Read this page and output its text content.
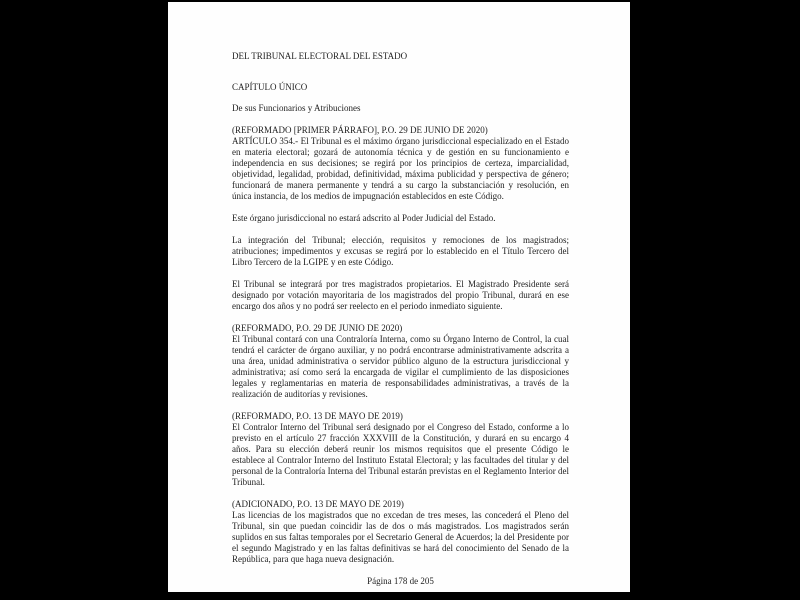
DEL TRIBUNAL ELECTORAL DEL ESTADO
CAPÍTULO ÚNICO
De sus Funcionarios y Atribuciones
(REFORMADO [PRIMER PÁRRAFO], P.O. 29 DE JUNIO DE 2020)
ARTÍCULO 354.- El Tribunal es el máximo órgano jurisdiccional especializado en el Estado en materia electoral; gozará de autonomía técnica y de gestión en su funcionamiento e independencia en sus decisiones; se regirá por los principios de certeza, imparcialidad, objetividad, legalidad, probidad, definitividad, máxima publicidad y perspectiva de género; funcionará de manera permanente y tendrá a su cargo la substanciación y resolución, en única instancia, de los medios de impugnación establecidos en este Código.
Este órgano jurisdiccional no estará adscrito al Poder Judicial del Estado.
La integración del Tribunal; elección, requisitos y remociones de los magistrados; atribuciones; impedimentos y excusas se regirá por lo establecido en el Título Tercero del Libro Tercero de la LGIPE y en este Código.
El Tribunal se integrará por tres magistrados propietarios. El Magistrado Presidente será designado por votación mayoritaria de los magistrados del propio Tribunal, durará en ese encargo dos años y no podrá ser reelecto en el periodo inmediato siguiente.
(REFORMADO, P.O. 29 DE JUNIO DE 2020)
El Tribunal contará con una Contraloría Interna, como su Órgano Interno de Control, la cual tendrá el carácter de órgano auxiliar, y no podrá encontrarse administrativamente adscrita a una área, unidad administrativa o servidor público alguno de la estructura jurisdiccional y administrativa; así como será la encargada de vigilar el cumplimiento de las disposiciones legales y reglamentarias en materia de responsabilidades administrativas, a través de la realización de auditorías y revisiones.
(REFORMADO, P.O. 13 DE MAYO DE 2019)
El Contralor Interno del Tribunal será designado por el Congreso del Estado, conforme a lo previsto en el artículo 27 fracción XXXVIII de la Constitución, y durará en su encargo 4 años. Para su elección deberá reunir los mismos requisitos que el presente Código le establece al Contralor Interno del Instituto Estatal Electoral; y las facultades del titular y del personal de la Contraloría Interna del Tribunal estarán previstas en el Reglamento Interior del Tribunal.
(ADICIONADO, P.O. 13 DE MAYO DE 2019)
Las licencias de los magistrados que no excedan de tres meses, las concederá el Pleno del Tribunal, sin que puedan coincidir las de dos o más magistrados. Los magistrados serán suplidos en sus faltas temporales por el Secretario General de Acuerdos; la del Presidente por el segundo Magistrado y en las faltas definitivas se hará del conocimiento del Senado de la República, para que haga nueva designación.
Página 178 de 205
